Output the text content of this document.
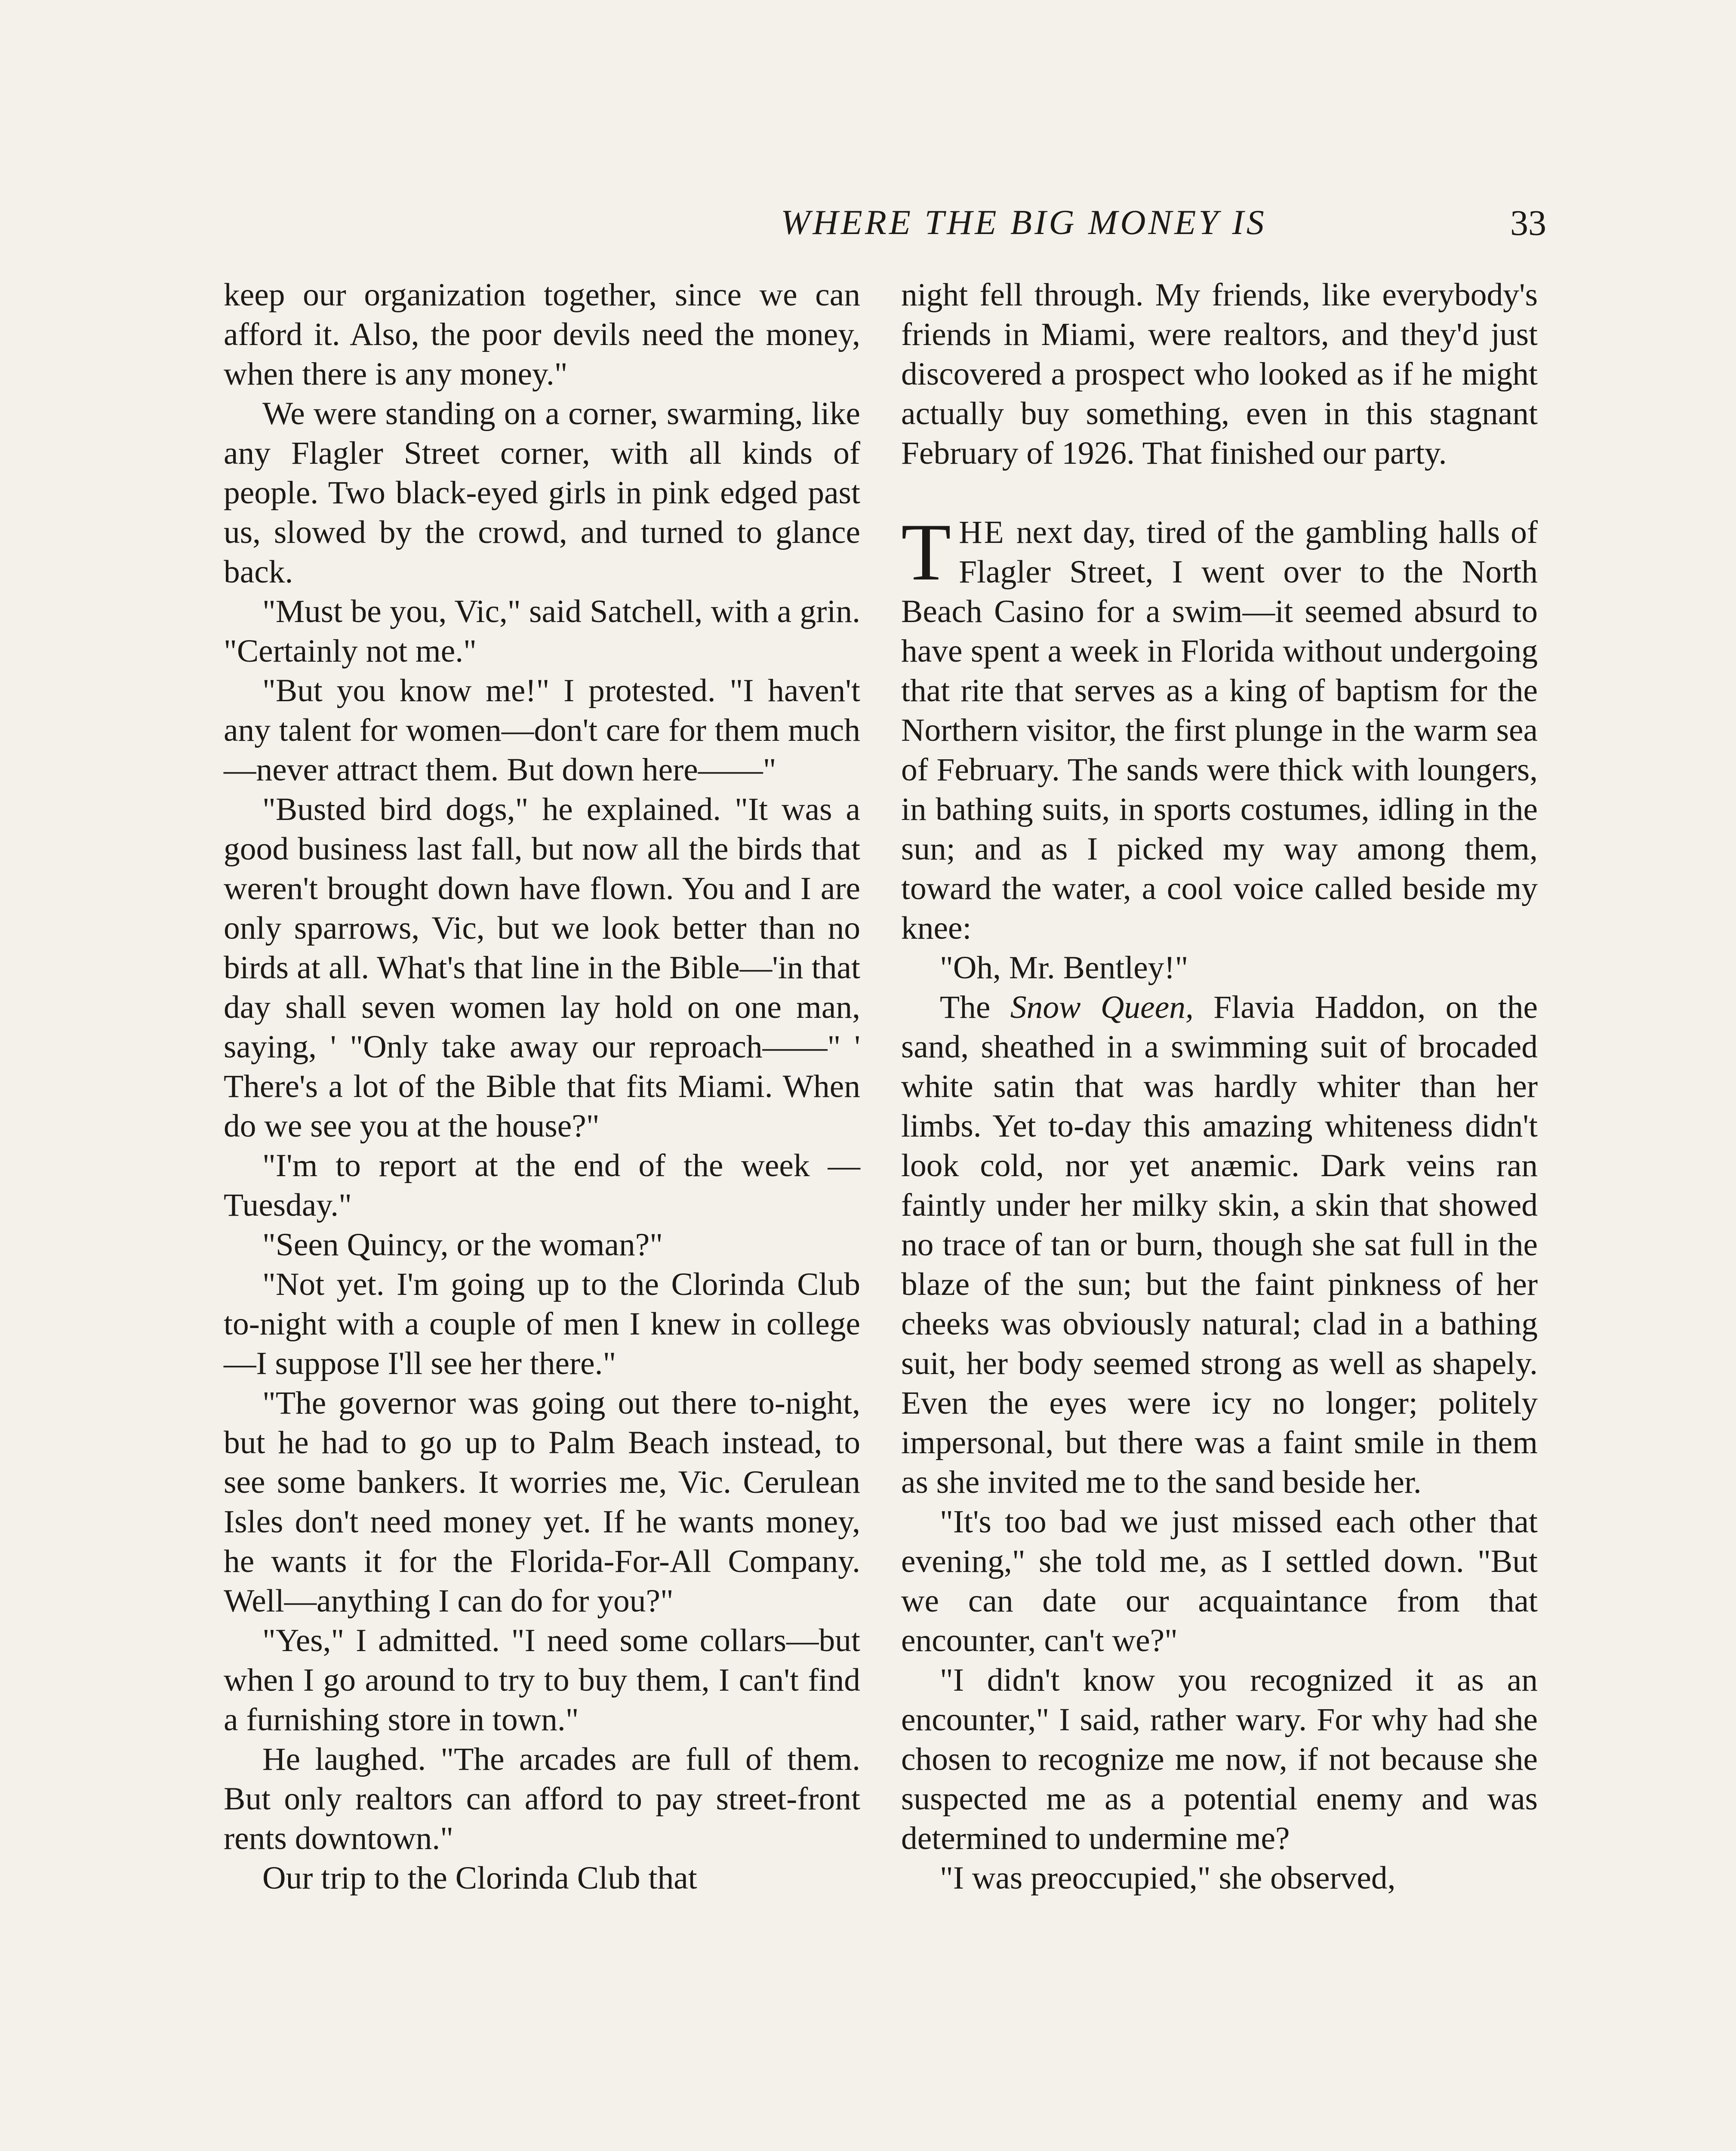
WHERE THE BIG MONEY IS	33

keep our organization together, since we can afford it. Also, the poor devils need the money, when there is any money."

We were standing on a corner, swarming, like any Flagler Street corner, with all kinds of people. Two black-eyed girls in pink edged past us, slowed by the crowd, and turned to glance back.

"Must be you, Vic," said Satchell, with a grin. "Certainly not me."

"But you know me!" I protested. "I haven't any talent for women—don't care for them much—never attract them. But down here——"

"Busted bird dogs," he explained. "It was a good business last fall, but now all the birds that weren't brought down have flown. You and I are only sparrows, Vic, but we look better than no birds at all. What's that line in the Bible—'in that day shall seven women lay hold on one man, saying, ' "Only take away our reproach——" ' There's a lot of the Bible that fits Miami. When do we see you at the house?"

"I'm to report at the end of the week —Tuesday."

"Seen Quincy, or the woman?"

"Not yet. I'm going up to the Clorinda Club to-night with a couple of men I knew in college—I suppose I'll see her there."

"The governor was going out there to-night, but he had to go up to Palm Beach instead, to see some bankers. It worries me, Vic. Cerulean Isles don't need money yet. If he wants money, he wants it for the Florida-For-All Company. Well—anything I can do for you?"

"Yes," I admitted. "I need some collars—but when I go around to try to buy them, I can't find a furnishing store in town."

He laughed. "The arcades are full of them. But only realtors can afford to pay street-front rents downtown."

Our trip to the Clorinda Club that

night fell through. My friends, like everybody's friends in Miami, were realtors, and they'd just discovered a prospect who looked as if he might actually buy something, even in this stagnant February of 1926. That finished our party.

THE next day, tired of the gambling halls of Flagler Street, I went over to the North Beach Casino for a swim—it seemed absurd to have spent a week in Florida without undergoing that rite that serves as a king of baptism for the Northern visitor, the first plunge in the warm sea of February. The sands were thick with loungers, in bathing suits, in sports costumes, idling in the sun; and as I picked my way among them, toward the water, a cool voice called beside my knee:

"Oh, Mr. Bentley!"

The Snow Queen, Flavia Haddon, on the sand, sheathed in a swimming suit of brocaded white satin that was hardly whiter than her limbs. Yet to-day this amazing whiteness didn't look cold, nor yet anæmic. Dark veins ran faintly under her milky skin, a skin that showed no trace of tan or burn, though she sat full in the blaze of the sun; but the faint pinkness of her cheeks was obviously natural; clad in a bathing suit, her body seemed strong as well as shapely. Even the eyes were icy no longer; politely impersonal, but there was a faint smile in them as she invited me to the sand beside her.

"It's too bad we just missed each other that evening," she told me, as I settled down. "But we can date our acquaintance from that encounter, can't we?"

"I didn't know you recognized it as an encounter," I said, rather wary. For why had she chosen to recognize me now, if not because she suspected me as a potential enemy and was determined to undermine me?

"I was preoccupied," she observed,
